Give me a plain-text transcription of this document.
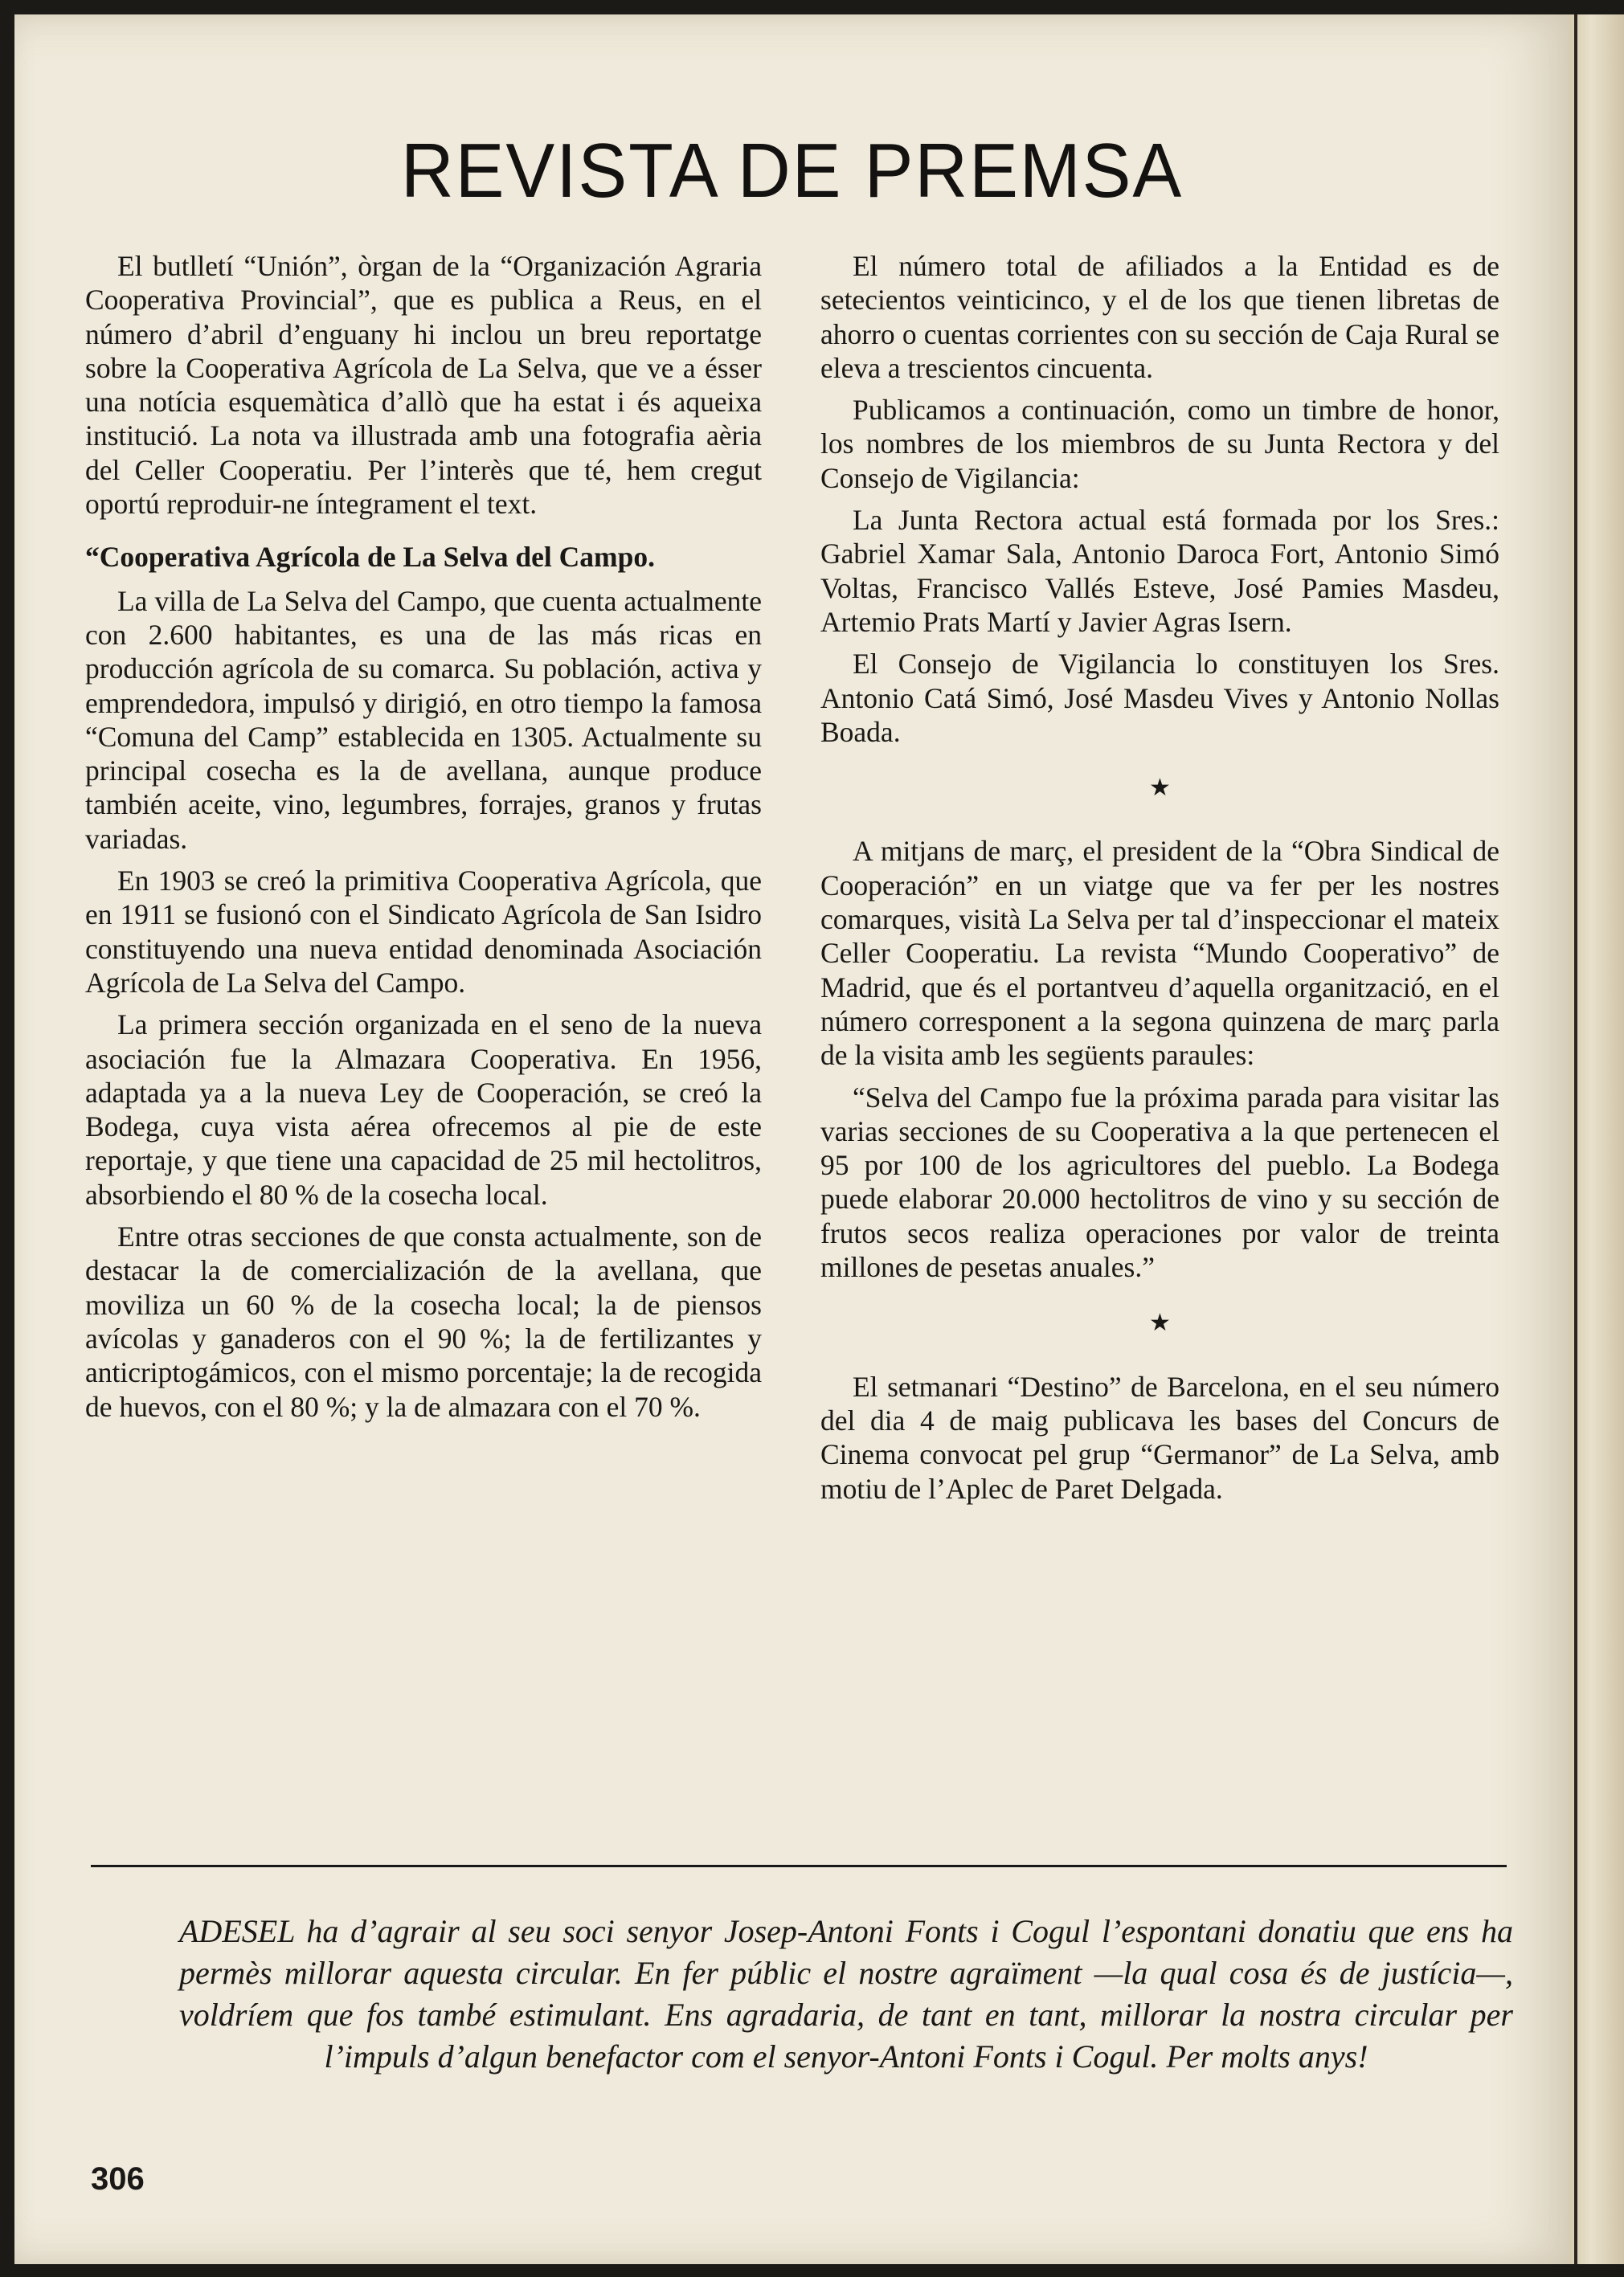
REVISTA DE PREMSA

El butlletí “Unión”, òrgan de la “Organización Agraria Cooperativa Provincial”, que es publica a Reus, en el número d’abril d’enguany hi inclou un breu reportatge sobre la Cooperativa Agrícola de La Selva, que ve a ésser una notícia esquemàtica d’allò que ha estat i és aqueixa institució. La nota va illustrada amb una fotografia aèria del Celler Cooperatiu. Per l’interès que té, hem cregut oportú reproduir-ne íntegrament el text.

“Cooperativa Agrícola de La Selva del Campo.

La villa de La Selva del Campo, que cuenta actualmente con 2.600 habitantes, es una de las más ricas en producción agrícola de su comarca. Su población, activa y emprendedora, impulsó y dirigió, en otro tiempo la famosa “Comuna del Camp” establecida en 1305. Actualmente su principal cosecha es la de avellana, aunque produce también aceite, vino, legumbres, forrajes, granos y frutas variadas.

En 1903 se creó la primitiva Cooperativa Agrícola, que en 1911 se fusionó con el Sindicato Agrícola de San Isidro constituyendo una nueva entidad denominada Asociación Agrícola de La Selva del Campo.

La primera sección organizada en el seno de la nueva asociación fue la Almazara Cooperativa. En 1956, adaptada ya a la nueva Ley de Cooperación, se creó la Bodega, cuya vista aérea ofrecemos al pie de este reportaje, y que tiene una capacidad de 25 mil hectolitros, absorbiendo el 80 % de la cosecha local.

Entre otras secciones de que consta actualmente, son de destacar la de comercialización de la avellana, que moviliza un 60 % de la cosecha local; la de piensos avícolas y ganaderos con el 90 %; la de fertilizantes y anticriptogámicos, con el mismo porcentaje; la de recogida de huevos, con el 80 %; y la de almazara con el 70 %.

El número total de afiliados a la Entidad es de setecientos veinticinco, y el de los que tienen libretas de ahorro o cuentas corrientes con su sección de Caja Rural se eleva a trescientos cincuenta.

Publicamos a continuación, como un timbre de honor, los nombres de los miembros de su Junta Rectora y del Consejo de Vigilancia:

La Junta Rectora actual está formada por los Sres.: Gabriel Xamar Sala, Antonio Daroca Fort, Antonio Simó Voltas, Francisco Vallés Esteve, José Pamies Masdeu, Artemio Prats Martí y Javier Agras Isern.

El Consejo de Vigilancia lo constituyen los Sres. Antonio Catá Simó, José Masdeu Vives y Antonio Nollas Boada.

★

A mitjans de març, el president de la “Obra Sindical de Cooperación” en un viatge que va fer per les nostres comarques, visità La Selva per tal d’inspeccionar el mateix Celler Cooperatiu. La revista “Mundo Cooperativo” de Madrid, que és el portantveu d’aquella organització, en el número corresponent a la segona quinzena de març parla de la visita amb les següents paraules:

“Selva del Campo fue la próxima parada para visitar las varias secciones de su Cooperativa a la que pertenecen el 95 por 100 de los agricultores del pueblo. La Bodega puede elaborar 20.000 hectolitros de vino y su sección de frutos secos realiza operaciones por valor de treinta millones de pesetas anuales.”

★

El setmanari “Destino” de Barcelona, en el seu número del dia 4 de maig publicava les bases del Concurs de Cinema convocat pel grup “Germanor” de La Selva, amb motiu de l’Aplec de Paret Delgada.

ADESEL ha d’agrair al seu soci senyor Josep-Antoni Fonts i Cogul l’espontani donatiu que ens ha permès millorar aquesta circular. En fer públic el nostre agraïment —la qual cosa és de justícia—, voldríem que fos també estimulant. Ens agradaria, de tant en tant, millorar la nostra circular per l’impuls d’algun benefactor com el senyor-Antoni Fonts i Cogul. Per molts anys!
306
